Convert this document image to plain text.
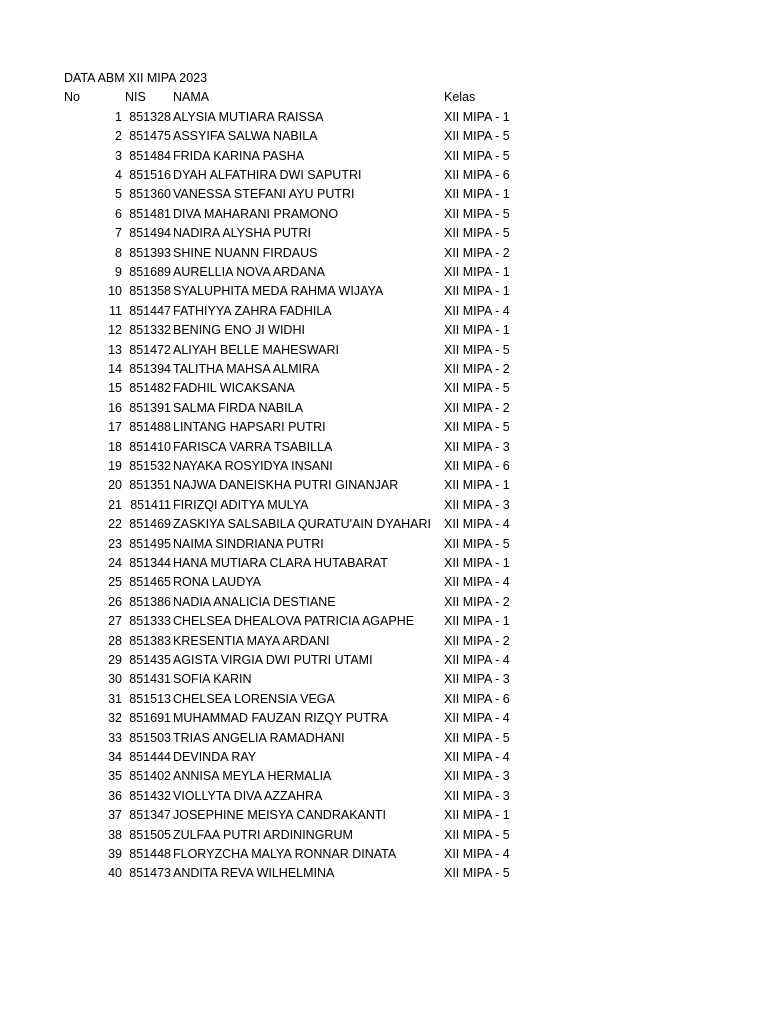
DATA ABM XII MIPA 2023
No	NIS NAMA	Kelas
1 851328 ALYSIA MUTIARA RAISSA	XII MIPA - 1
2 851475 ASSYIFA SALWA NABILA	XII MIPA - 5
3 851484 FRIDA KARINA PASHA	XII MIPA - 5
4 851516 DYAH ALFATHIRA DWI SAPUTRI	XII MIPA - 6
5 851360 VANESSA STEFANI AYU PUTRI	XII MIPA - 1
6 851481 DIVA MAHARANI PRAMONO	XII MIPA - 5
7 851494 NADIRA ALYSHA PUTRI	XII MIPA - 5
8 851393 SHINE NUANN FIRDAUS	XII MIPA - 2
9 851689 AURELLIA NOVA ARDANA	XII MIPA - 1
10 851358 SYALUPHITA MEDA RAHMA WIJAYA	XII MIPA - 1
11 851447 FATHIYYA ZAHRA FADHILA	XII MIPA - 4
12 851332 BENING ENO JI WIDHI	XII MIPA - 1
13 851472 ALIYAH BELLE MAHESWARI	XII MIPA - 5
14 851394 TALITHA MAHSA ALMIRA	XII MIPA - 2
15 851482 FADHIL WICAKSANA	XII MIPA - 5
16 851391 SALMA FIRDA NABILA	XII MIPA - 2
17 851488 LINTANG HAPSARI PUTRI	XII MIPA - 5
18 851410 FARISCA VARRA TSABILLA	XII MIPA - 3
19 851532 NAYAKA ROSYIDYA INSANI	XII MIPA - 6
20 851351 NAJWA DANEISKHA PUTRI GINANJAR	XII MIPA - 1
21 851411 FIRIZQI ADITYA MULYA	XII MIPA - 3
22 851469 ZASKIYA SALSABILA QURATU'AIN DYAHARI XII MIPA - 4
23 851495 NAIMA SINDRIANA PUTRI	XII MIPA - 5
24 851344 HANA MUTIARA CLARA HUTABARAT	XII MIPA - 1
25 851465 RONA LAUDYA	XII MIPA - 4
26 851386 NADIA ANALICIA DESTIANE	XII MIPA - 2
27 851333 CHELSEA DHEALOVA PATRICIA AGAPHE XII MIPA - 1
28 851383 KRESENTIA MAYA ARDANI	XII MIPA - 2
29 851435 AGISTA VIRGIA DWI PUTRI UTAMI	XII MIPA - 4
30 851431 SOFIA KARIN	XII MIPA - 3
31 851513 CHELSEA LORENSIA VEGA	XII MIPA - 6
32 851691 MUHAMMAD FAUZAN RIZQY PUTRA	XII MIPA - 4
33 851503 TRIAS ANGELIA RAMADHANI	XII MIPA - 5
34 851444 DEVINDA RAY	XII MIPA - 4
35 851402 ANNISA MEYLA HERMALIA	XII MIPA - 3
36 851432 VIOLLYTA DIVA AZZAHRA	XII MIPA - 3
37 851347 JOSEPHINE MEISYA CANDRAKANTI	XII MIPA - 1
38 851505 ZULFAA PUTRI ARDININGRUM	XII MIPA - 5
39 851448 FLORYZCHA MALYA RONNAR DINATA	XII MIPA - 4
40 851473 ANDITA REVA WILHELMINA	XII MIPA - 5
